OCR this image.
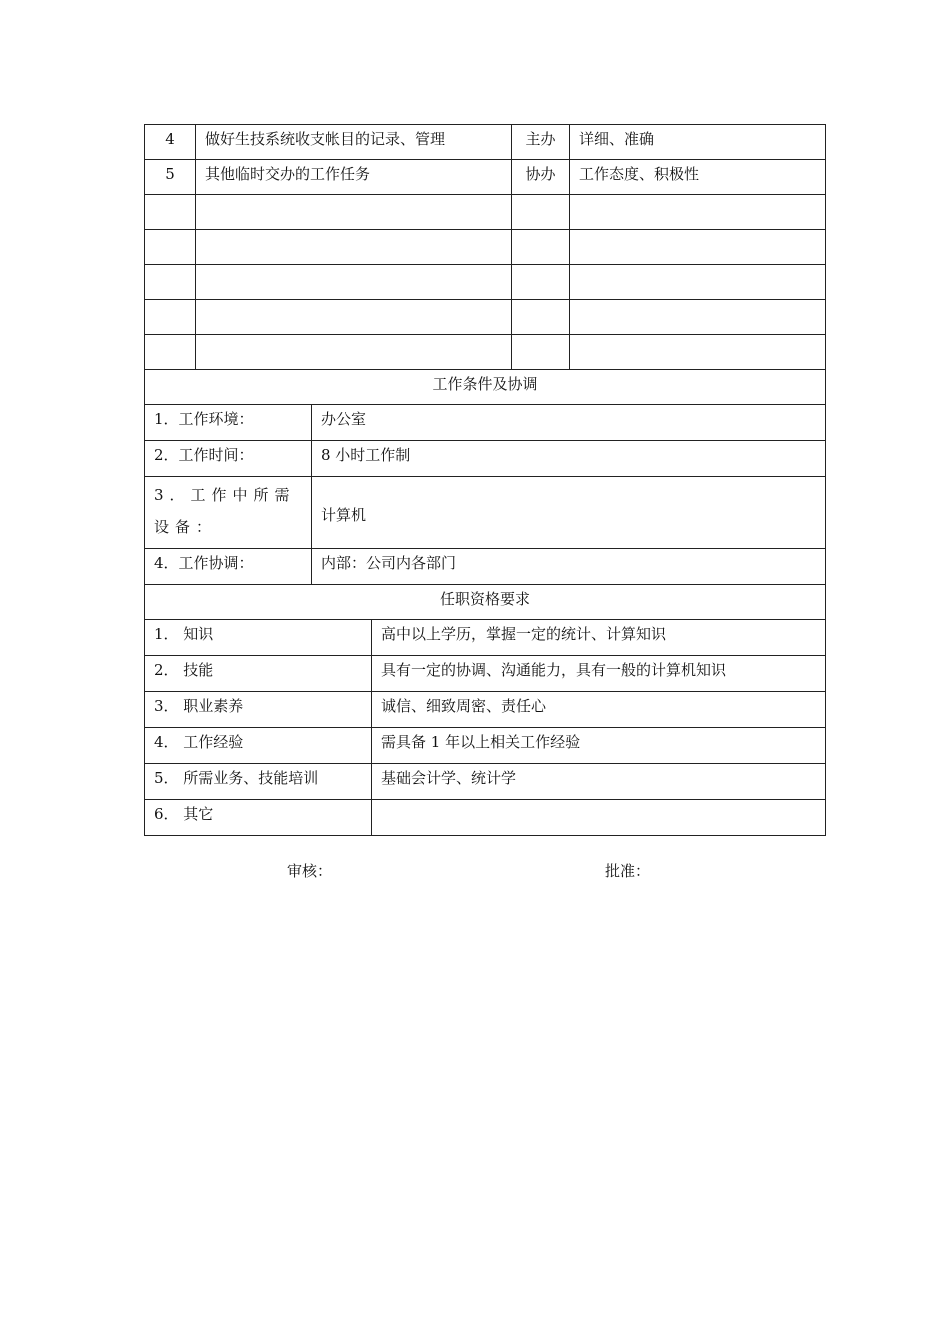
4	做好生技系统收支帐目的记录、管理	主办	详细、准确
5	其他临时交办的工作任务	协办	工作态度、积极性

工作条件及协调	
1．工作环境：	办公室
2．工作时间：	8 小时工作制
3．工作中所需设备：	计算机
4．工作协调：	内部：公司内各部门
任职资格要求	
1． 知识	高中以上学历，掌握一定的统计、计算知识
2． 技能	具有一定的协调、沟通能力，具有一般的计算机知识
3． 职业素养	诚信、细致周密、责任心
4． 工作经验	需具备 1 年以上相关工作经验
5． 所需业务、技能培训	基础会计学、统计学
6． 其它	
审核：	批准：
